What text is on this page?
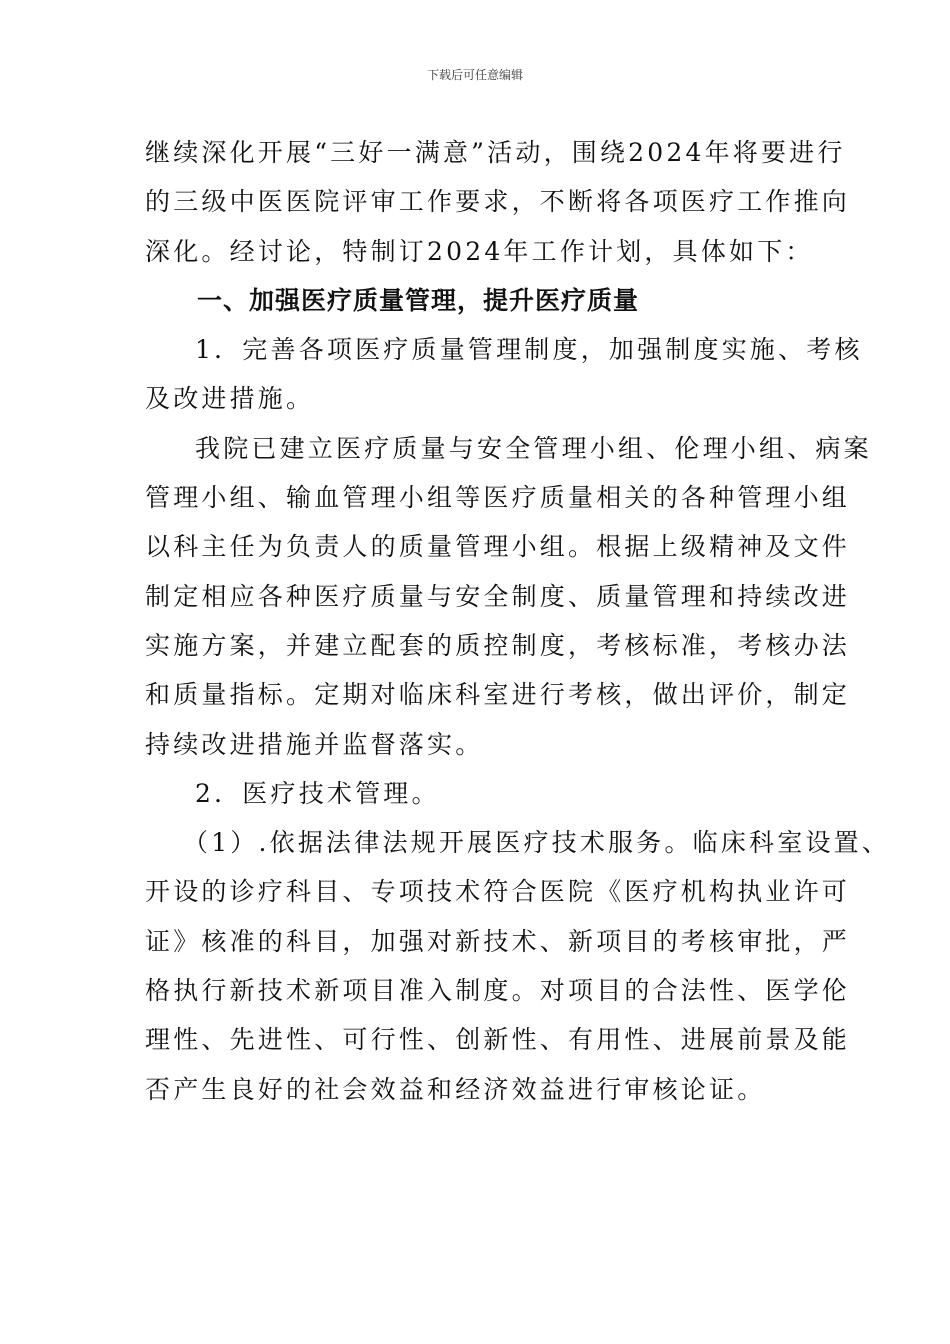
下载后可任意编辑
继续深化开展“三好一满意”活动，围绕2024年将要进行
的三级中医医院评审工作要求，不断将各项医疗工作推向
深化。经讨论，特制订2024年工作计划，具体如下：
一、加强医疗质量管理，提升医疗质量
1．完善各项医疗质量管理制度，加强制度实施、考核
及改进措施。
我院已建立医疗质量与安全管理小组、伦理小组、病案
管理小组、输血管理小组等医疗质量相关的各种管理小组
以科主任为负责人的质量管理小组。根据上级精神及文件
制定相应各种医疗质量与安全制度、质量管理和持续改进
实施方案，并建立配套的质控制度，考核标准，考核办法
和质量指标。定期对临床科室进行考核，做出评价，制定
持续改进措施并监督落实。
2．医疗技术管理。
（1）.依据法律法规开展医疗技术服务。临床科室设置、
开设的诊疗科目、专项技术符合医院《医疗机构执业许可
证》核准的科目，加强对新技术、新项目的考核审批，严
格执行新技术新项目准入制度。对项目的合法性、医学伦
理性、先进性、可行性、创新性、有用性、进展前景及能
否产生良好的社会效益和经济效益进行审核论证。
